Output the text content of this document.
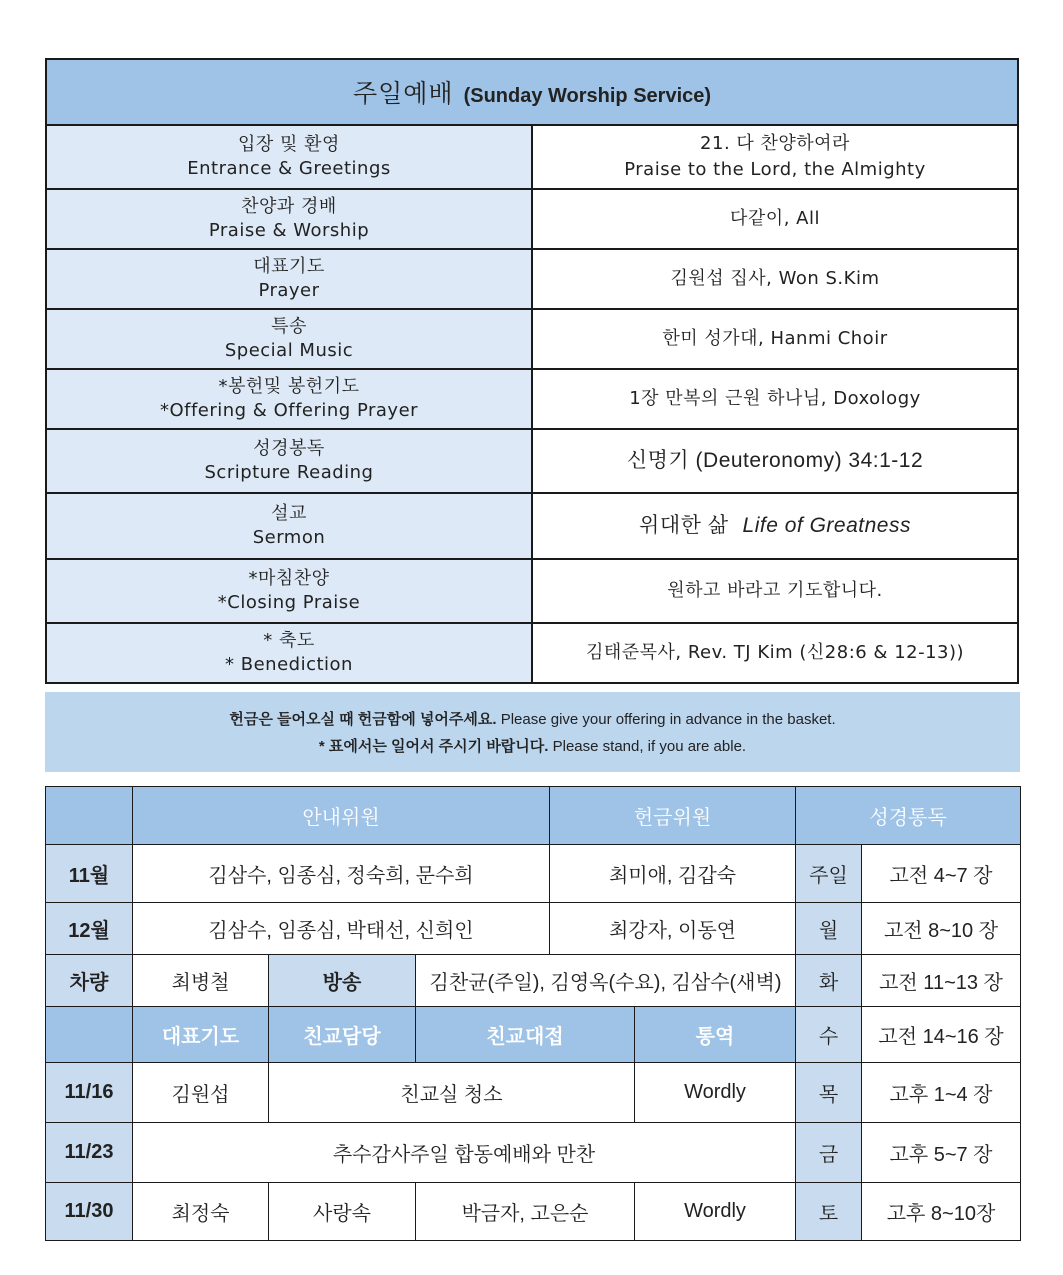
주일예배 (Sunday Worship Service)	

입장 및 환영
Entrance & Greetings	21. 다 찬양하여라
Praise to the Lord, the Almighty

찬양과 경배
Praise & Worship	다같이, All

대표기도
Prayer	김원섭 집사, Won S.Kim

특송
Special Music	한미 성가대, Hanmi Choir

*봉헌및 봉헌기도
*Offering & Offering Prayer	1장 만복의 근원 하나님, Doxology

성경봉독
Scripture Reading	신명기 (Deuteronomy) 34:1-12

설교
Sermon	위대한 삶 Life of Greatness

*마침찬양
*Closing Praise	원하고 바라고 기도합니다.

* 축도
* Benediction	김태준목사, Rev. TJ Kim (신28:6 & 12-13))
헌금은 들어오실 때 헌금함에 넣어주세요. Please give your offering in advance in the basket.
* 표에서는 일어서 주시기 바랍니다. Please stand, if you are able.
	안내위원			헌금위원		성경통독	
11월	김삼수, 임종심, 정숙희, 문수희			최미애, 김갑숙		주일	고전 4~7 장
12월	김삼수, 임종심, 박태선, 신희인			최강자, 이동연		월	고전 8~10 장
차량	최병철	방송	김찬균(주일), 김영옥(수요), 김삼수(새벽)			화	고전 11~13 장
	대표기도	친교담당	친교대접		통역	수	고전 14~16 장
11/16	김원섭	친교실 청소			Wordly	목	고후 1~4 장
11/23	추수감사주일 합동예배와 만찬					금	고후 5~7 장
11/30	최정숙	사랑속	박금자, 고은순		Wordly	토	고후 8~10장
